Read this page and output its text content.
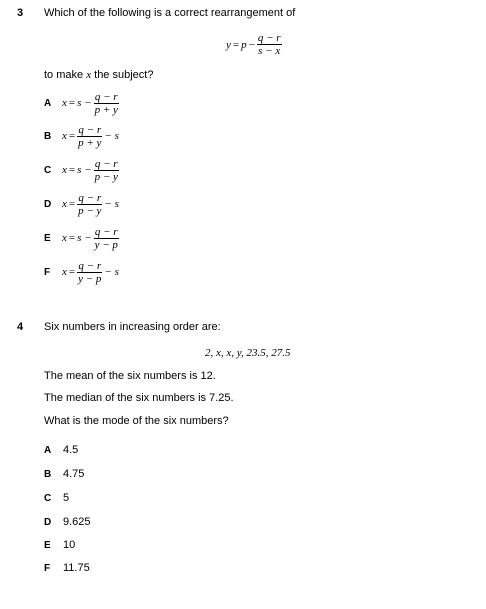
3 Which of the following is a correct rearrangement of
$y = p - \frac{q - r}{s - x}$
to make x the subject?
A $x = s - \frac{q - r}{p + y}$
B $x = \frac{q - r}{p + y} - s$
C $x = s - \frac{q - r}{p - y}$
D $x = \frac{q - r}{p - y} - s$
E	$x = s - \frac{q - r}{y - p}$
F	$x = \frac{q - r}{y - p} - s$
4 Six numbers in increasing order are:
2, x, x, y, 23.5, 27.5
The mean of the six numbers is 12.
The median of the six numbers is 7.25.
What is the mode of the six numbers?
A 4.5
B 4.75
C 5
D 9.625
E 10
F 11.75
